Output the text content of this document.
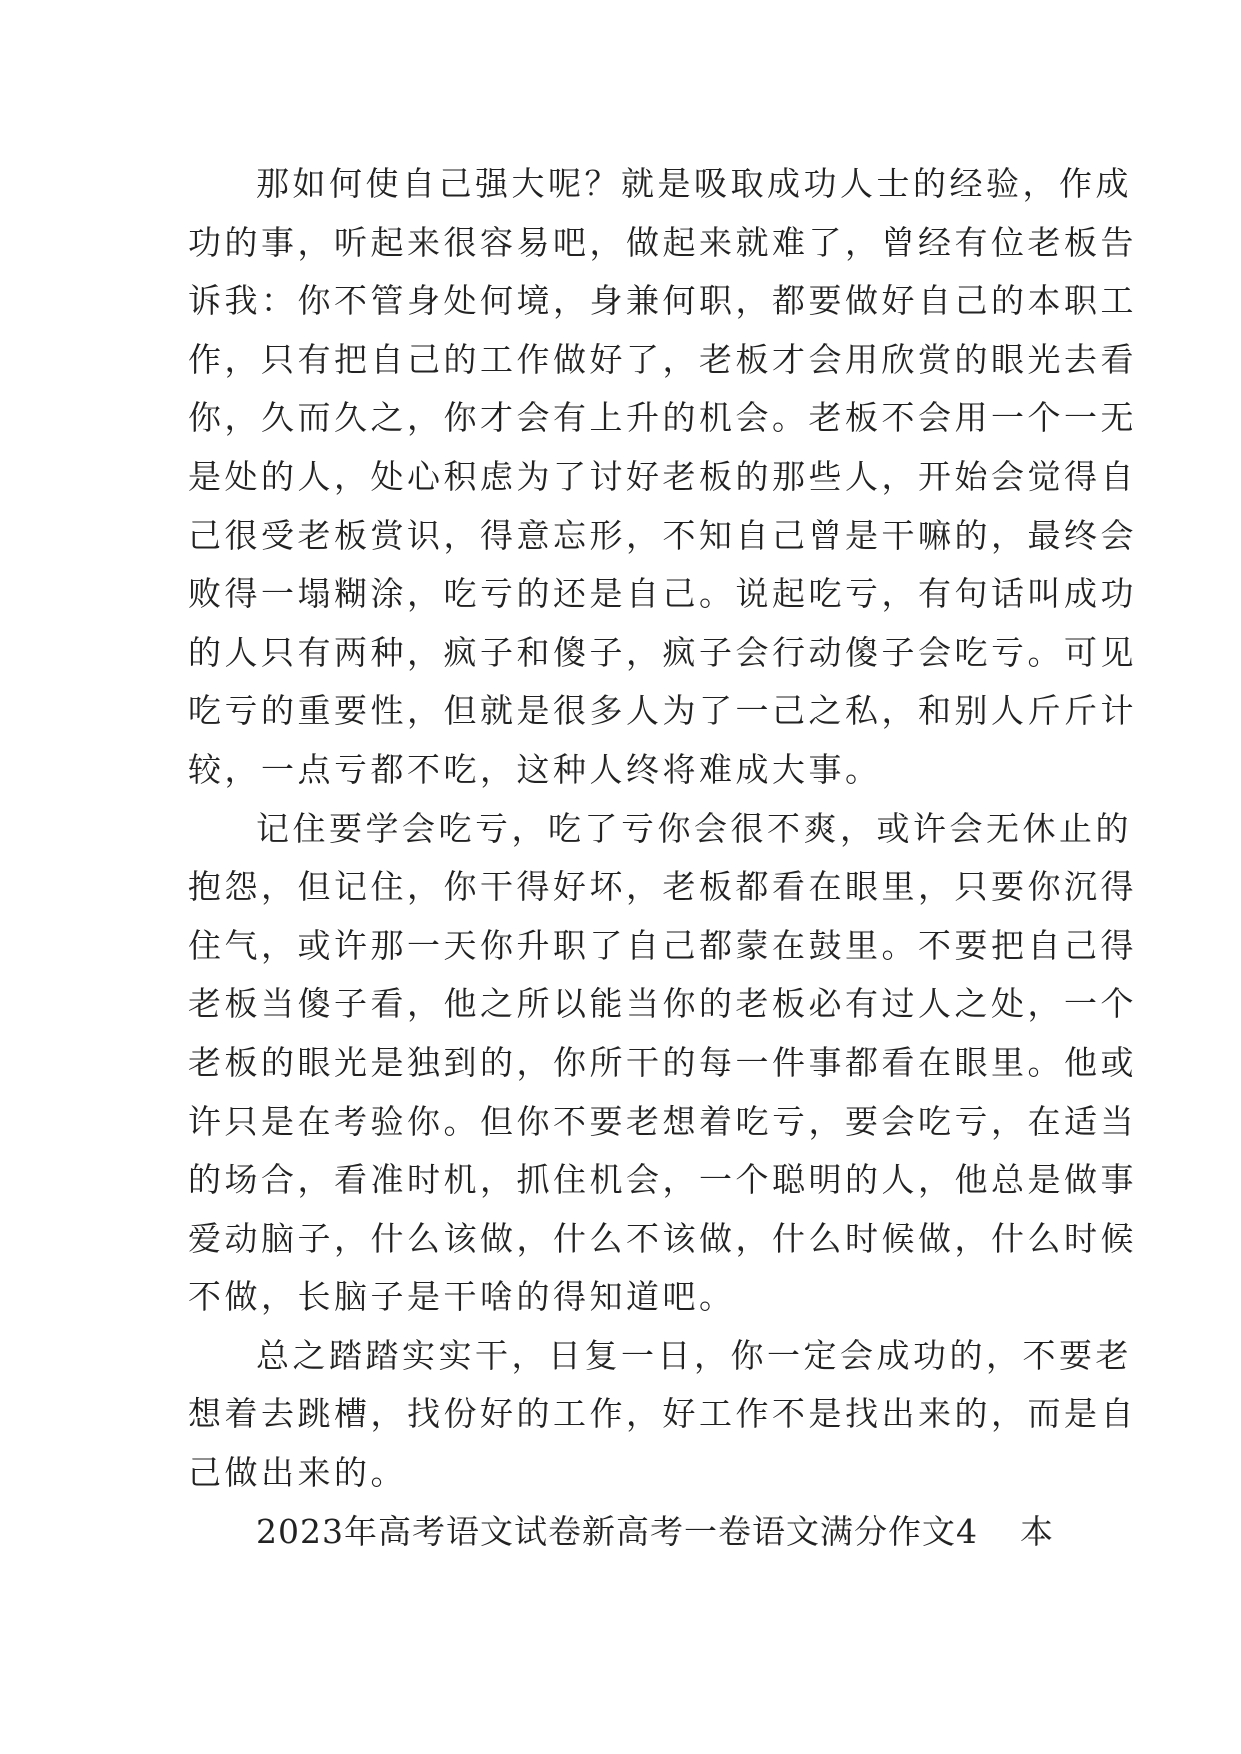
那如何使自己强大呢？就是吸取成功人士的经验，作成
功的事，听起来很容易吧，做起来就难了，曾经有位老板告
诉我：你不管身处何境，身兼何职，都要做好自己的本职工
作，只有把自己的工作做好了，老板才会用欣赏的眼光去看
你，久而久之，你才会有上升的机会。老板不会用一个一无
是处的人，处心积虑为了讨好老板的那些人，开始会觉得自
己很受老板赏识，得意忘形，不知自己曾是干嘛的，最终会
败得一塌糊涂，吃亏的还是自己。说起吃亏，有句话叫成功
的人只有两种，疯子和傻子，疯子会行动傻子会吃亏。可见
吃亏的重要性，但就是很多人为了一己之私，和别人斤斤计
较，一点亏都不吃，这种人终将难成大事。
记住要学会吃亏，吃了亏你会很不爽，或许会无休止的
抱怨，但记住，你干得好坏，老板都看在眼里，只要你沉得
住气，或许那一天你升职了自己都蒙在鼓里。不要把自己得
老板当傻子看，他之所以能当你的老板必有过人之处，一个
老板的眼光是独到的，你所干的每一件事都看在眼里。他或
许只是在考验你。但你不要老想着吃亏，要会吃亏，在适当
的场合，看准时机，抓住机会，一个聪明的人，他总是做事
爱动脑子，什么该做，什么不该做，什么时候做，什么时候
不做，长脑子是干啥的得知道吧。
总之踏踏实实干，日复一日，你一定会成功的，不要老
想着去跳槽，找份好的工作，好工作不是找出来的，而是自
己做出来的。
2023年高考语文试卷新高考一卷语文满分作文4 本
